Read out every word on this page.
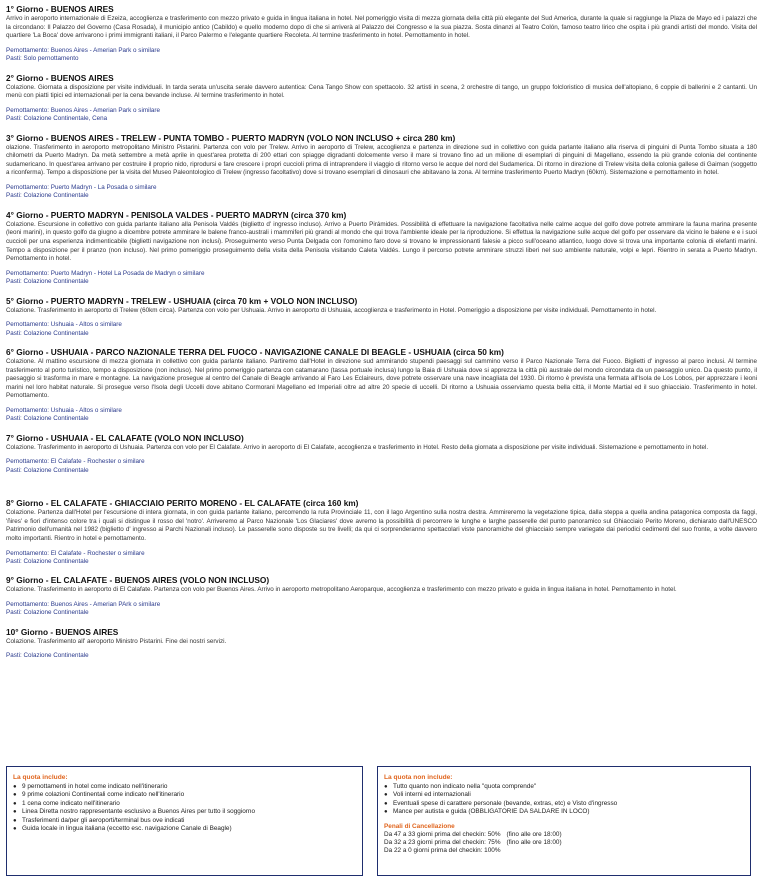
1° Giorno - BUENOS AIRES

Arrivo in aeroporto internazionale di Ezeiza, accoglienza e trasferimento con mezzo privato e guida in lingua italiana in hotel. Nel pomeriggio visita di mezza giornata della città più elegante del Sud America, durante la quale si raggiunge la Plaza de Mayo ed i palazzi che la circondano: Il Palazzo del Governo (Casa Rosada), il municipio antico (Cabildo) e quello moderno dopo di che si arriverà al Palazzo dei Congresso e la sua piazza. Sosta dinanzi al Teatro Colón, famoso teatro lirico che ospita i più grandi artisti del mondo. Visita del quartiere 'La Boca' dove arrivarono i primi immigranti italiani, il Parco Palermo e l'elegante quartiere Recoleta. Al termine trasferimento in hotel. Pernottamento in hotel.

Pernottamento: Buenos Aires - Amerian Park o similare
Pasti: Solo pernottamento

2° Giorno - BUENOS AIRES

Colazione. Giornata a disposizione per visite individuali. In tarda serata un'uscita serale davvero autentica: Cena Tango Show con spettacolo. 32 artisti in scena, 2 orchestre di tango, un gruppo folcloristico di musica dell'altopiano, 6 coppie di ballerini e 2 cantanti. Un menù con piatti tipici ed internazionali per la cena bevande incluse. Al termine trasferimento in hotel.

Pernottamento: Buenos Aires - Amerian Park o similare
Pasti: Colazione Continentale, Cena

3° Giorno - BUENOS AIRES - TRELEW - PUNTA TOMBO - PUERTO MADRYN (VOLO NON INCLUSO + circa 280 km)

olazione. Trasferimento in aeroporto metropolitano Ministro Pistarini. Partenza con volo per Trelew. Arrivo in aeroporto di Trelew, accoglienza e partenza in direzione sud in collettivo con guida parlante italiano alla riserva di pinguini di Punta Tombo situata a 180 chilometri da Puerto Madryn. Da metà settembre a metà aprile in quest'area protetta di 200 ettari con spiagge digradanti dolcemente verso il mare si trovano fino ad un milione di esemplari di pinguini di Magellano, essendo la più grande colonia del continente sudamericano. In quest'area arrivano per costruire il proprio nido, riprodursi e fare crescere i propri cuccioli prima di intraprendere il viaggio di ritorno verso le acque del nord del Sudamerica. Di ritorno in direzione di Trelew visita della colonia gallese di Gaiman (soggetto a riconferma). Tempo a disposizione per la visita del Museo Paleontologico di Trelew (ingresso facoltativo) dove si trovano esemplari di dinosauri che abitavano la zona. Al termine trasferimento Puerto Madryn (60km). Sistemazione e pernottamento in hotel.

Pernottamento: Puerto Madryn - La Posada o similare
Pasti: Colazione Continentale

4° Giorno - PUERTO MADRYN - PENISOLA VALDES - PUERTO MADRYN (circa 370 km)

Colazione. Escursione in collettivo con guida parlante italiano alla Penisola Valdés (biglietto d' ingresso incluso). Arrivo a Puerto Pirámides. Possibilità di effettuare la navigazione facoltativa nelle calme acque del golfo dove potrete ammirare la fauna marina presente (leoni marini), in questo golfo da giugno a dicembre potrete ammirare le balene franco-australi i mammiferi più grandi al mondo che qui trova l'ambiente ideale per la riproduzione. Si effettua la navigazione sulle acque del golfo per osservare da vicino le balene e e i suoi cuccioli per una esperienza indimenticabile (biglietti navigazione non inclusi). Proseguimento verso Punta Delgada con l'omonimo faro dove si trovano le impressionanti falesie a picco sull'oceano atlantico, luogo dove si trova una importante colonia di elefanti marini. Tempo a disposizione per il pranzo (non incluso). Nel primo pomeriggio proseguimento della visita della Penisola visitando Caleta Valdés. Lungo il percorso potrete ammirare struzzi liberi nel suo ambiente naturale, volpi e lepri. Rientro in serata a Puerto Madryn. Pernottamento in hotel.

Pernottamento: Puerto Madryn - Hotel La Posada de Madryn o similare
Pasti: Colazione Continentale

5° Giorno - PUERTO MADRYN - TRELEW - USHUAIA (circa 70 km + VOLO NON INCLUSO)

Colazione. Trasferimento in aeroporto di Trelew (60km circa). Partenza con volo per Ushuaia. Arrivo in aeroporto di Ushuaia, accoglienza e trasferimento in Hotel. Pomeriggio a disposizione per visite individuali. Pernottamento in hotel.

Pernottamento: Ushuaia - Altos o similare
Pasti: Colazione Continentale

6° Giorno - USHUAIA - PARCO NAZIONALE TERRA DEL FUOCO - NAVIGAZIONE CANALE DI BEAGLE - USHUAIA (circa 50 km)

Colazione. Al mattino escursione di mezza giornata in collettivo con guida parlante italiano. Partiremo dall'Hotel in direzione sud ammirando stupendi paesaggi sul cammino verso il Parco Nazionale Terra del Fuoco. Biglietti d' ingresso al parco inclusi. Al termine trasferimento al porto turistico, tempo a disposizione (non incluso). Nel primo pomeriggio partenza con catamarano (tassa portuale inclusa) lungo la Baia di Ushuaia dove si apprezza la città più australe del mondo circondata da un paesaggio unico. Da questo punto, il paesaggio si trasforma in mare e montagne. La navigazione prosegue al centro del Canale di Beagle arrivando al Faro Les Eclaireurs, dove potrete osservare una nave incagliata del 1930. Di ritorno è prevista una fermata all'Isola de Los Lobos, per apprezzare i leoni marini nel loro habitat naturale. Si prosegue verso l'Isola degli Uccelli dove abitano Cormorani Magellano ed Imperiali oltre ad altre 20 specie di uccelli. Di ritorno a Ushuaia osserviamo questa bella città, il Monte Martial ed il suo ghiacciaio. Trasferimento in hotel. Pernottamento.

Pernottamento: Ushuaia - Altos o similare
Pasti: Colazione Continentale

7° Giorno - USHUAIA - EL CALAFATE (VOLO NON INCLUSO)

Colazione. Trasferimento in aeroporto di Ushuaia. Partenza con volo per El Calafate. Arrivo in aeroporto di El Calafate, accoglienza e trasferimento in Hotel. Resto della giornata a disposizione per visite individuali. Sistemazione e pernottamento in hotel.

Pernottamento: El Calafate - Rochester o similare
Pasti: Colazione Continentale

8° Giorno - EL CALAFATE - GHIACCIAIO PERITO MORENO - EL CALAFATE (circa 160 km)

Colazione. Partenza dall'Hotel per l'escursione di intera giornata, in con guida parlante italiano, percorrendo la ruta Provinciale 11, con il lago Argentino sulla nostra destra. Ammireremo la vegetazione tipica, dalla steppa a quella andina patagonica composta da faggi, 'ñires' e fiori d'intenso colore tra i quali si distingue il rosso del 'notro'. Arriveremo al Parco Nazionale 'Los Glaciares' dove avremo la possibilità di percorrere le lunghe e larghe passerelle del punto panoramico sul Ghiacciaio Perito Moreno, dichiarato dall'UNESCO Patrimonio dell'umanità nel 1982 (biglietto d' ingresso ai Parchi Nazionali incluso). Le passerelle sono disposte su tre livelli; da qui ci sorprenderanno spettacolari viste panoramiche del ghiacciaio sempre variegate dai periodici cedimenti del suo fronte, a volte davvero molto importanti. Rientro in hotel e pernottamento.

Pernottamento: El Calafate - Rochester o similare
Pasti: Colazione Continentale

9° Giorno - EL CALAFATE - BUENOS AIRES (VOLO NON INCLUSO)

Colazione. Trasferimento in aeroporto di El Calafate. Partenza con volo per Buenos Aires. Arrivo in aeroporto metropolitano Aeroparque, accoglienza e trasferimento con mezzo privato e guida in lingua italiana in hotel. Pernottamento in hotel.

Pernottamento: Buenos Aires - Amerian PArk o similare
Pasti: Colazione Continentale

10° Giorno - BUENOS AIRES

Colazione. Trasferimento all' aeroporto Ministro Pistarini. Fine dei nostri servizi.

Pasti: Colazione Continentale

La quota include:

● 9 pernottamenti in hotel come indicato nell'itinerario
● 9 prime colazioni Continentali come indicato nell'itinerario
● 1 cena come indicato nell'itinerario
● Linea Diretta nostro rappresentante esclusivo a Buenos Aires per tutto il soggiorno
● Trasferimenti da/per gli aeroporti/terminal bus ove indicati
● Guida locale in lingua italiana (eccetto esc. navigazione Canale di Beagle)

La quota non include:

● Tutto quanto non indicato nella "quota comprende"
● Voli interni ed internazionali
● Eventuali spese di carattere personale (bevande, extras, etc) e Visto d'ingresso
● Mance per autista e guida (OBBLIGATORIE DA SALDARE IN LOCO)

Penali di Cancellazione

Da 47 a 33 giorni prima del checkin: 50% (fino alle ore 18:00)
Da 32 a 23 giorni prima del checkin: 75% (fino alle ore 18:00)
Da 22 a 0 giorni prima del checkin: 100%
